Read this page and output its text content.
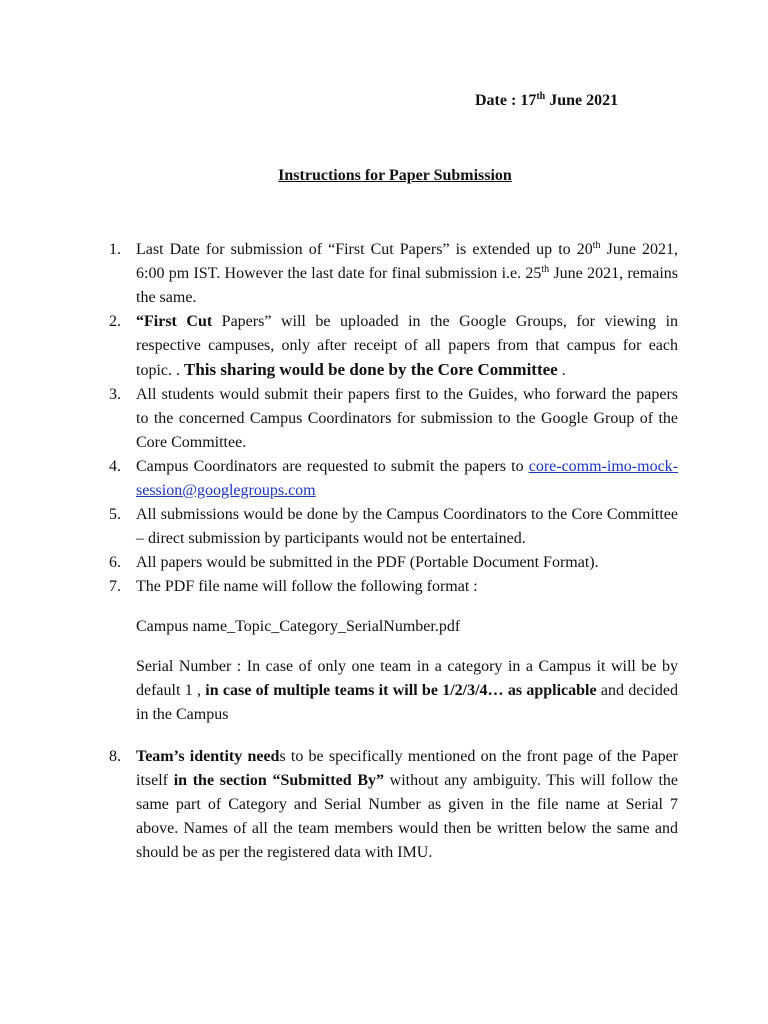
Date : 17th June 2021
Instructions for Paper Submission
1. Last Date for submission of “First Cut Papers” is extended up to 20th June 2021, 6:00 pm IST. However the last date for final submission i.e. 25th June 2021, remains the same.
2. “First Cut Papers” will be uploaded in the Google Groups, for viewing in respective campuses, only after receipt of all papers from that campus for each topic. . This sharing would be done by the Core Committee .
3. All students would submit their papers first to the Guides, who forward the papers to the concerned Campus Coordinators for submission to the Google Group of the Core Committee.
4. Campus Coordinators are requested to submit the papers to core-comm-imo-mock-session@googlegroups.com
5. All submissions would be done by the Campus Coordinators to the Core Committee – direct submission by participants would not be entertained.
6. All papers would be submitted in the PDF (Portable Document Format).
7. The PDF file name will follow the following format :
Campus name_Topic_Category_SerialNumber.pdf
Serial Number : In case of only one team in a category in a Campus it will be by default 1 , in case of multiple teams it will be 1/2/3/4… as applicable and decided in the Campus
8. Team’s identity needs to be specifically mentioned on the front page of the Paper itself in the section “Submitted By” without any ambiguity. This will follow the same part of Category and Serial Number as given in the file name at Serial 7 above. Names of all the team members would then be written below the same and should be as per the registered data with IMU.
